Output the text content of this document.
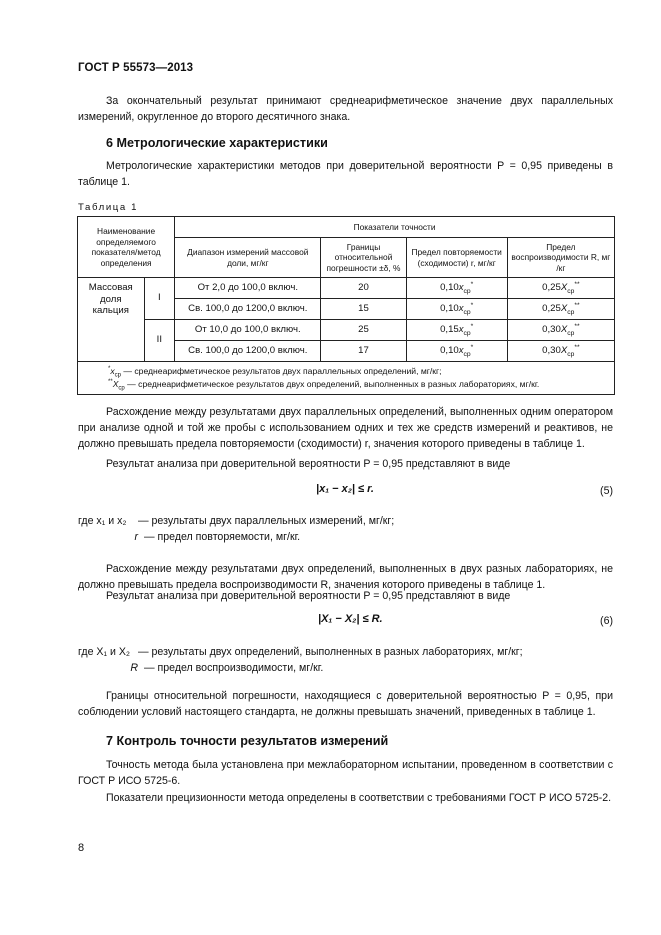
ГОСТ Р 55573—2013
За окончательный результат принимают среднеарифметическое значение двух параллельных измерений, округленное до второго десятичного знака.
6 Метрологические характеристики
Метрологические характеристики методов при доверительной вероятности P = 0,95 приведены в таблице 1.
Таблица 1
Наименование определяемого показателя/метод определения		Показатели точности			
		Диапазон измерений массовой доли, мг/кг	Границы относительной погрешности ±δ, %	Предел повторяемости (сходимости) r, мг/кг	Предел воспроизводимости R, мг /кг
Массовая доля кальция	I	От 2,0 до 100,0 включ.	20	$0,10x_{ср}^*$	$0,25X_{ср}^{**}$
		Св. 100,0 до 1200,0 включ.	15	$0,10x_{ср}^*$	$0,25X_{ср}^{**}$
	II	От 10,0 до 100,0 включ.	25	$0,15x_{ср}^*$	$0,30X_{ср}^{**}$
		Св. 100,0 до 1200,0 включ.	17	$0,10x_{ср}^*$	$0,30X_{ср}^{**}$

$^*x_{ср}$ — среднеарифметическое результатов двух параллельных определений, мг/кг;
$^{**}X_{ср}$ — среднеарифметическое результатов двух определений, выполненных в разных лабораториях, мг/кг.					
Расхождение между результатами двух параллельных определений, выполненных одним оператором при анализе одной и той же пробы с использованием одних и тех же средств измерений и реактивов, не должно превышать предела повторяемости (сходимости) r, значения которого приведены в таблице 1.
Результат анализа при доверительной вероятности P = 0,95 представляют в виде
|x₁ − x₂| ≤ r.	(5)
где x₁ и x₂	— результаты двух параллельных измерений, мг/кг;
r — предел повторяемости, мг/кг.
Расхождение между результатами двух определений, выполненных в двух разных лабораториях, не должно превышать предела воспроизводимости R, значения которого приведены в таблице 1.
Результат анализа при доверительной вероятности P = 0,95 представляют в виде
|X₁ − X₂| ≤ R.	(6)
где X₁ и X₂ — результаты двух определений, выполненных в разных лабораториях, мг/кг;
R — предел воспроизводимости, мг/кг.
Границы относительной погрешности, находящиеся с доверительной вероятностью P = 0,95, при соблюдении условий настоящего стандарта, не должны превышать значений, приведенных в таблице 1.
7 Контроль точности результатов измерений
Точность метода была установлена при межлабораторном испытании, проведенном в соответствии с ГОСТ Р ИСО 5725-6.
Показатели прецизионности метода определены в соответствии с требованиями ГОСТ Р ИСО 5725-2.
8
